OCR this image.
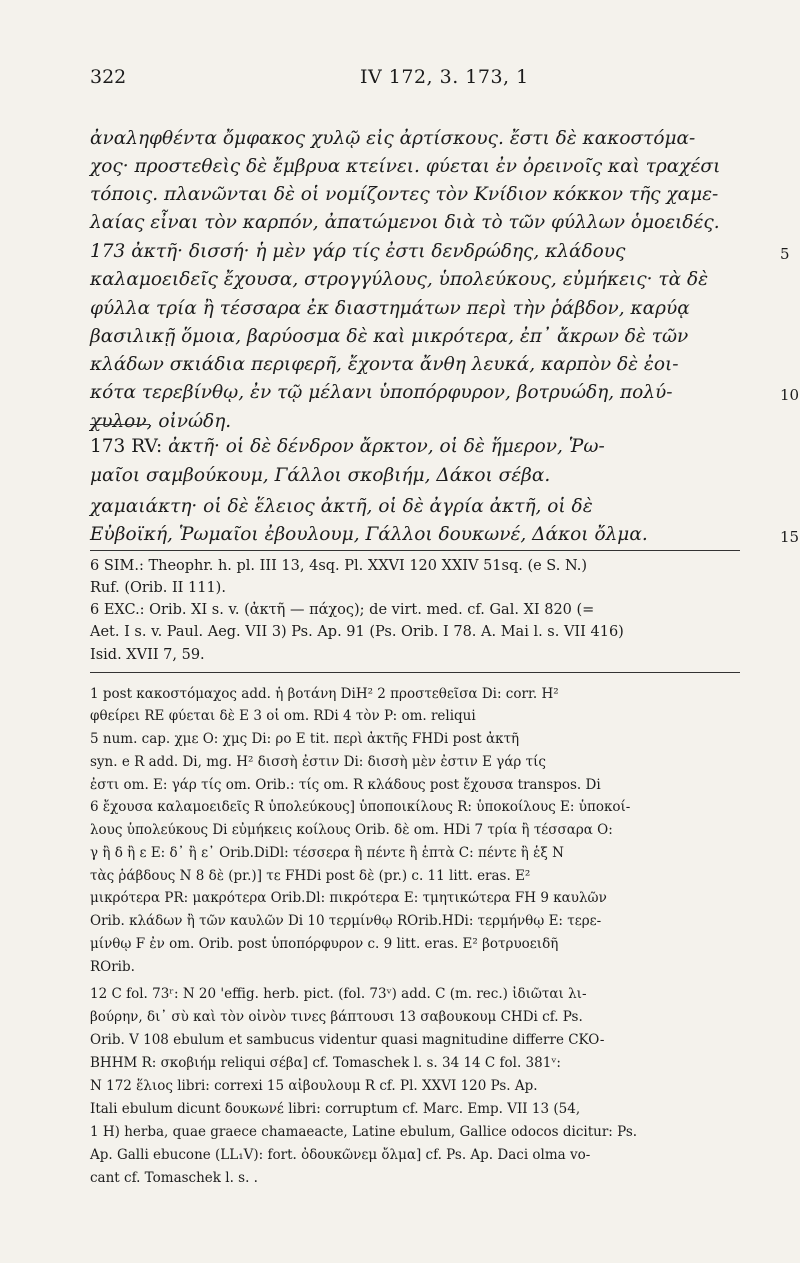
322	IV 172, 3. 173, 1
ἀναληφθέντα ὄμφακος χυλῷ εἰς ἀρτίσκους. ἔστι δὲ κακοστόμα-
χος· προστεθεὶς δὲ ἔμβρυα κτείνει. φύεται ἐν ὀρεινοῖς καὶ τραχέσι
τόποις. πλανῶνται δὲ οἱ νομίζοντες τὸν Κνίδιον κόκκον τῆς χαμε-
λαίας εἶναι τὸν καρπόν, ἀπατώμενοι διὰ τὸ τῶν φύλλων ὁμοειδές.
173 ἀκτῆ· δισσή· ἡ μὲν γάρ τίς ἐστι δενδρώδης, κλάδους
καλαμοειδεῖς ἔχουσα, στρογγύλους, ὑπολεύκους, εὐμήκεις· τὰ δὲ
φύλλα τρία ἢ τέσσαρα ἐκ διαστημάτων περὶ τὴν ῥάβδον, καρύᾳ
βασιλικῇ ὅμοια, βαρύοσμα δὲ καὶ μικρότερα, ἐπ᾽ ἄκρων δὲ τῶν
κλάδων σκιάδια περιφερῆ, ἔχοντα ἄνθη λευκά, καρπὸν δὲ ἐοι-
κότα τερεβίνθῳ, ἐν τῷ μέλανι ὑποπόρφυρον, βοτρυώδη, πολύ-
χυλον, οἰνώδη.
5
10
173 RV: ἀκτῆ· οἱ δὲ δένδρον ἄρκτον, οἱ δὲ ἥμερον, Ῥω-
μαῖοι σαμβούκουμ, Γάλλοι σκοβιήμ, Δάκοι σέβα.
χαμαιάκτη· οἱ δὲ ἕλειος ἀκτῆ, οἱ δὲ ἀγρία ἀκτῆ, οἱ δὲ
Εὐβοϊκή, Ῥωμαῖοι ἐβουλουμ, Γάλλοι δουκωνέ, Δάκοι ὄλμα.	15
6 SIM.: Theophr. h. pl. III 13, 4sq. Pl. XXVI 120 XXIV 51sq. (e S. N.)
Ruf. (Orib. II 111).
6 EXC.: Orib. XI s. v. (ἀκτῆ — πάχος); de virt. med. cf. Gal. XI 820 (=
Aet. I s. v. Paul. Aeg. VII 3) Ps. Ap. 91 (Ps. Orib. I 78. A. Mai l. s. VII 416)
Isid. XVII 7, 59.
1 post κακοστόμαχος add. ἡ βοτάνη DiH² 2 προστεθεῖσα Di: corr. H²
φθείρει RE φύεται δὲ E 3 οἱ om. RDi 4 τὸν P: om. reliqui
5 num. cap. χμε O: χμς Di: ρο E tit. περὶ ἀκτῆς FHDi post ἀκτῆ
syn. e R add. Di, mg. H² δισσὴ ἐστιν Di: δισσὴ μὲν ἐστιν E γάρ τίς
ἐστι om. E: γάρ τίς om. Orib.: τίς om. R κλάδους post ἔχουσα transpos. Di
6 ἔχουσα καλαμοειδεῖς R ὑπολεύκους] ὑποποικίλους R: ὑποκοίλους E: ὑποκοί-
λους ὑπολεύκους Di εὐμήκεις κοίλους Orib. δὲ om. HDi 7 τρία ἢ τέσσαρα O:
γ ἢ δ ἢ ε E: δ᾽ ἢ ε᾽ Orib.DiDl: τέσσερα ἢ πέντε ἢ ἑπτὰ C: πέντε ἢ ἑξ N
τὰς ῥάβδους N 8 δὲ (pr.)] τε FHDi post δὲ (pr.) c. 11 litt. eras. E²
μικρότερα PR: μακρότερα Orib.Dl: πικρότερα E: τμητικώτερα FH 9 καυλῶν
Orib. κλάδων ἢ τῶν καυλῶν Di 10 τερμίνθῳ RОrib.HDi: τερμήνθῳ E: τερε-
μίνθῳ F ἐν om. Orib. post ὑποπόρφυρον c. 9 litt. eras. E² βοτρυοειδῆ
ROrib.
12 C fol. 73ʳ: N 20 'effig. herb. pict. (fol. 73ᵛ) add. C (m. rec.) ἰδιῶται λι-
βούρην, δι᾽ σὺ καὶ τὸν οἰνὸν τινες βάπτουσι 13 σαβουκουμ CHDi cf. Ps.
Orib. V 108 ebulum et sambucus videntur quasi magnitudine differre CKO-
BHHM R: σκοβιήμ reliqui σέβα] cf. Tomaschek l. s. 34 14 C fol. 381ᵛ:
N 172 ἕλιος libri: correxi 15 αἰβουλουμ R cf. Pl. XXVI 120 Ps. Ap.
Itali ebulum dicunt δουκωνέ libri: corruptum cf. Marc. Emp. VII 13 (54,
1 H) herba, quae graece chamaeacte, Latine ebulum, Gallice odocos dicitur: Ps.
Ap. Galli ebucone (LL₁V): fort. ὀδουκῶνεμ ὄλμα] cf. Ps. Ap. Daci olma vo-
cant cf. Tomaschek l. s. .
